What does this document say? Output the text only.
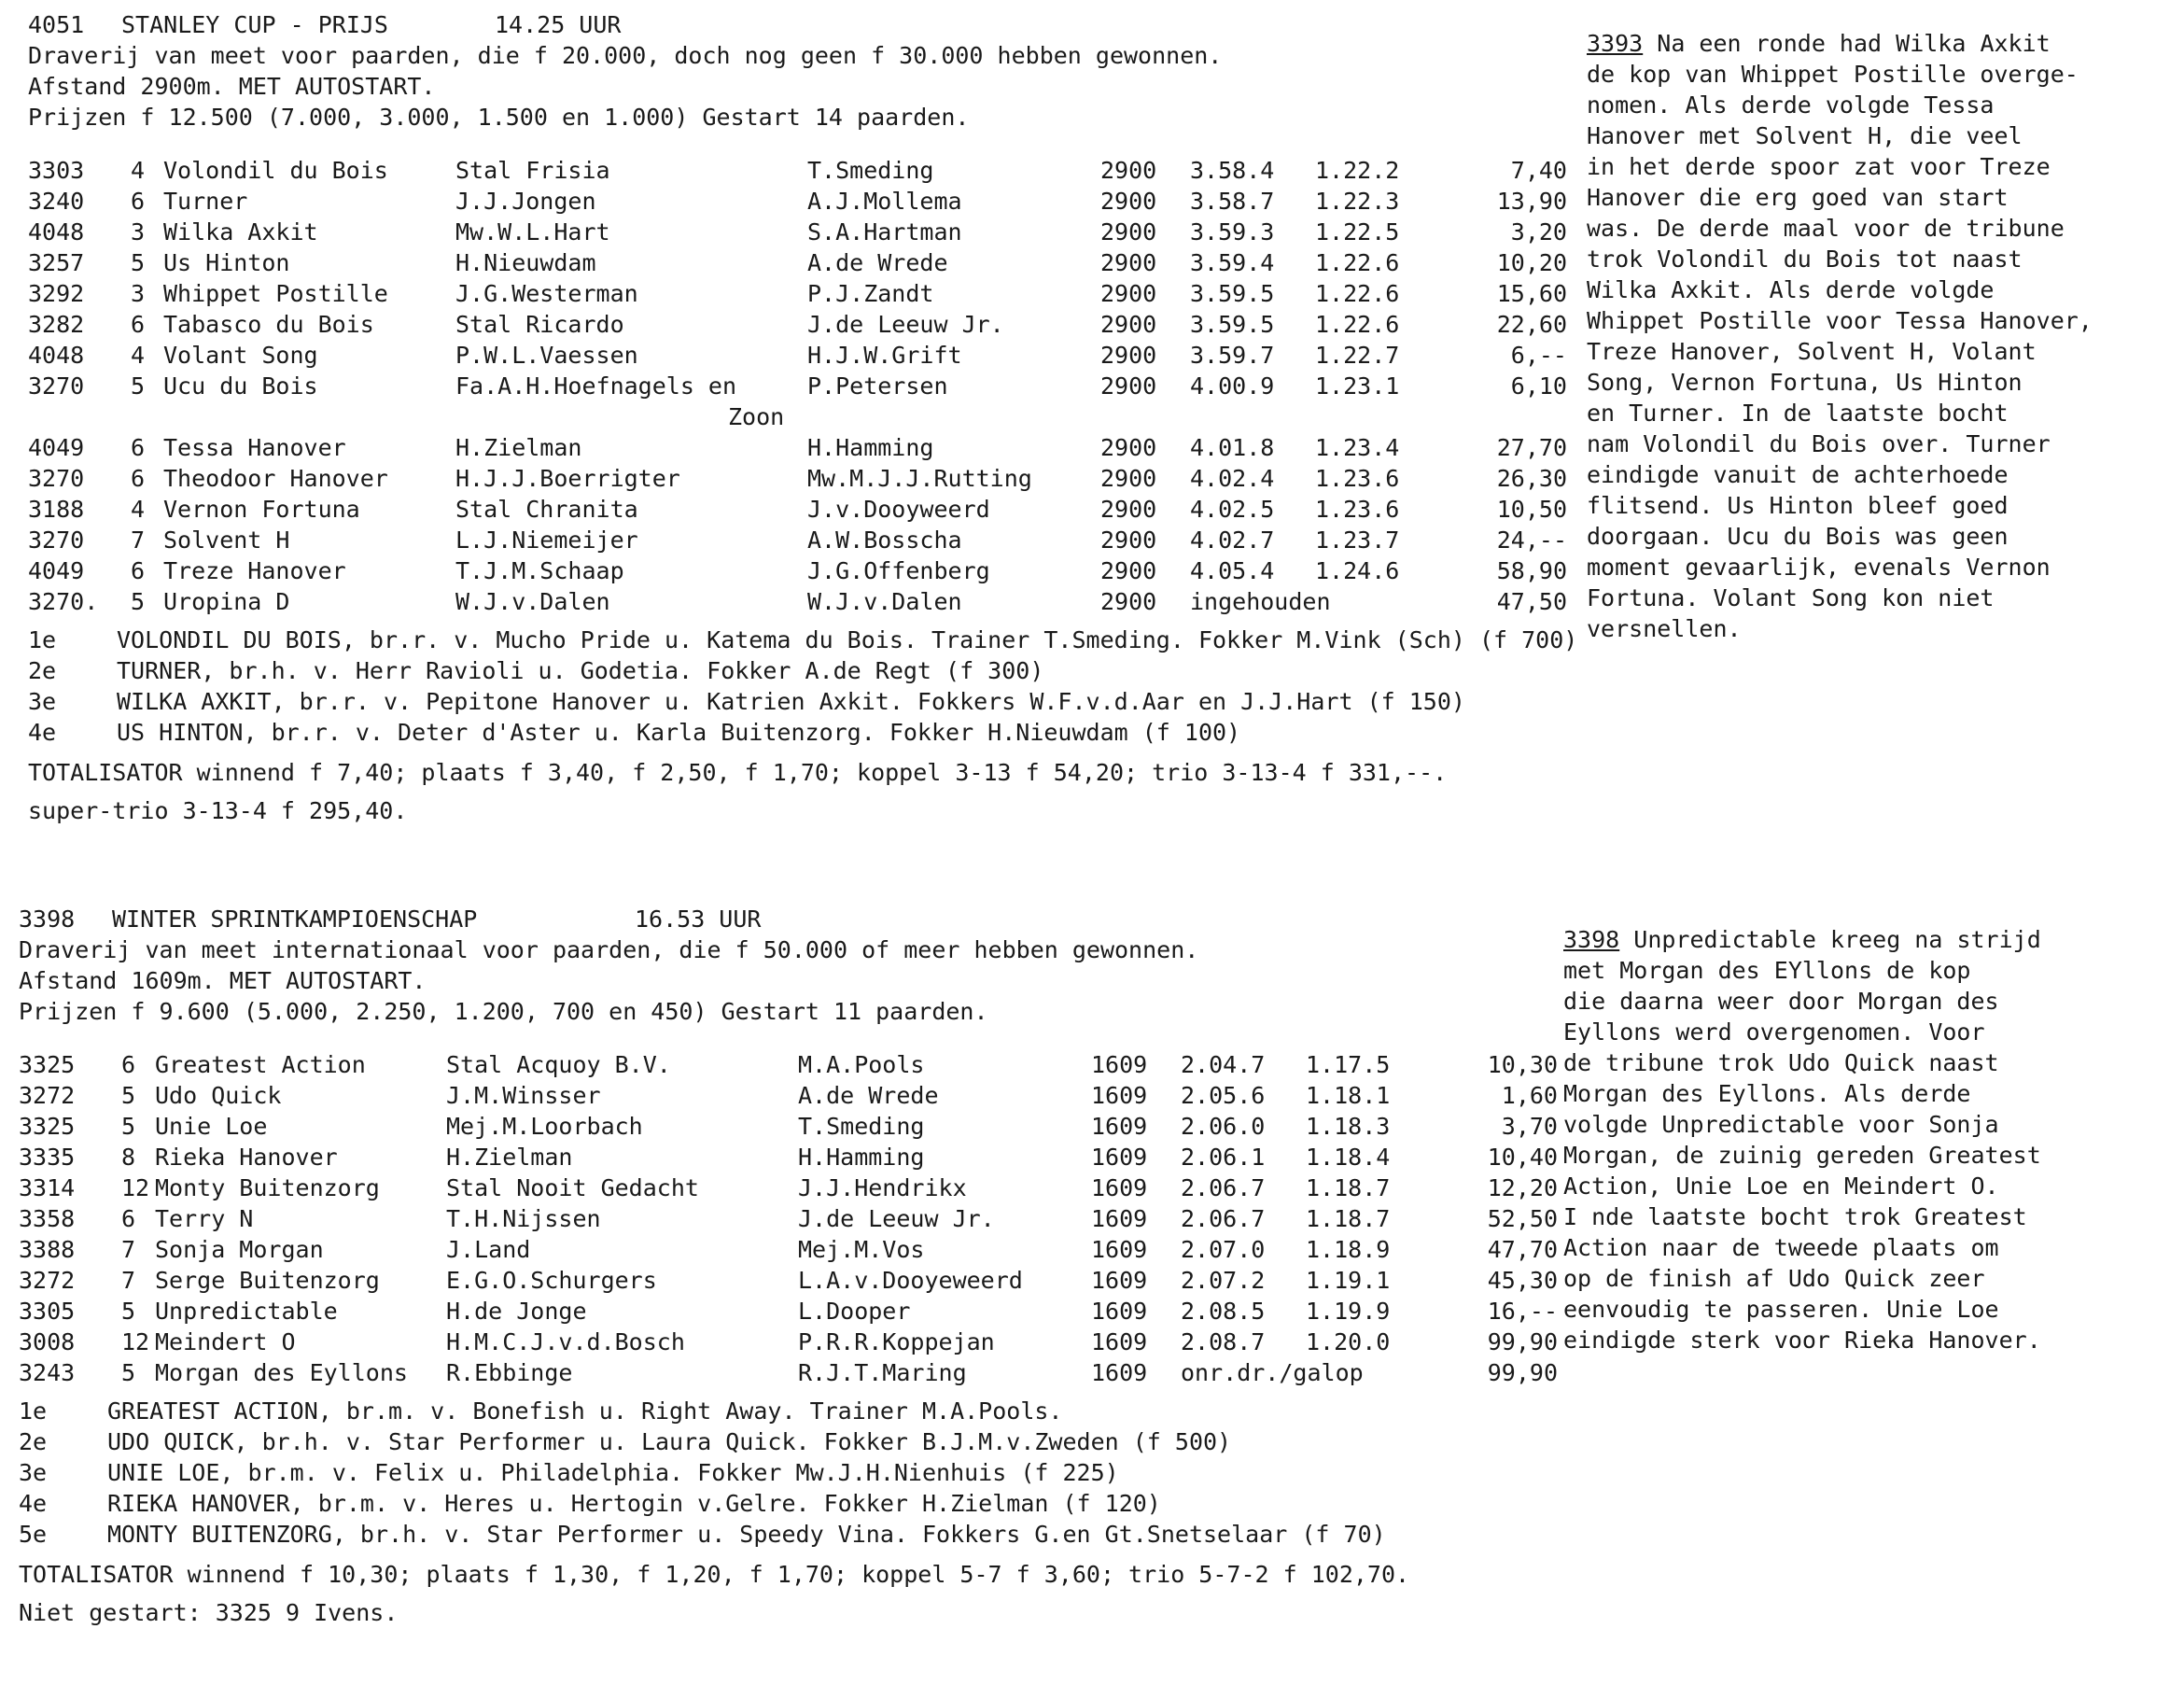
4051 STANLEY CUP - PRIJS	14.25 UUR
Draverij van meet voor paarden, die f 20.000, doch nog geen f 30.000 hebben gewonnen.
Afstand 2900m. MET AUTOSTART.
Prijzen f 12.500 (7.000, 3.000, 1.500 en 1.000) Gestart 14 paarden.
3303	4 Volondil du Bois	Stal Frisia	T.Smeding	2900	3.58.4	1.22.2	7,40
3240	6 Turner	J.J.Jongen	A.J.Mollema	2900	3.58.7	1.22.3	13,90
4048	3 Wilka Axkit	Mw.W.L.Hart	S.A.Hartman	2900	3.59.3	1.22.5	3,20
3257	5 Us Hinton	H.Nieuwdam	A.de Wrede	2900	3.59.4	1.22.6	10,20
3292	3 Whippet Postille	J.G.Westerman	P.J.Zandt	2900	3.59.5	1.22.6	15,60
3282	6 Tabasco du Bois	Stal Ricardo	J.de Leeuw Jr.	2900	3.59.5	1.22.6	22,60
4048	4 Volant Song	P.W.L.Vaessen	H.J.W.Grift	2900	3.59.7	1.22.7	6,--
3270	5 Ucu du Bois	Fa.A.H.Hoefnagels en	P.Petersen	2900	4.00.9	1.23.1	6,10
Zoon
4049	6 Tessa Hanover	H.Zielman	H.Hamming	2900	4.01.8	1.23.4	27,70
3270	6 Theodoor Hanover	H.J.J.Boerrigter	Mw.M.J.J.Rutting	2900	4.02.4	1.23.6	26,30
3188	4 Vernon Fortuna	Stal Chranita	J.v.Dooyweerd	2900	4.02.5	1.23.6	10,50
3270	7 Solvent H	L.J.Niemeijer	A.W.Bosscha	2900	4.02.7	1.23.7	24,--
4049	6 Treze Hanover	T.J.M.Schaap	J.G.Offenberg	2900	4.05.4	1.24.6	58,90
3270.	5 Uropina D	W.J.v.Dalen	W.J.v.Dalen	2900	ingehouden	47,50
1e	VOLONDIL DU BOIS, br.r. v. Mucho Pride u. Katema du Bois. Trainer T.Smeding. Fokker M.Vink (Sch) (f 700)
2e	TURNER, br.h. v. Herr Ravioli u. Godetia. Fokker A.de Regt (f 300)
3e	WILKA AXKIT, br.r. v. Pepitone Hanover u. Katrien Axkit. Fokkers W.F.v.d.Aar en J.J.Hart (f 150)
4e	US HINTON, br.r. v. Deter d'Aster u. Karla Buitenzorg. Fokker H.Nieuwdam (f 100)
TOTALISATOR winnend f 7,40; plaats f 3,40, f 2,50, f 1,70; koppel 3-13 f 54,20; trio 3-13-4 f 331,--.
super-trio 3-13-4 f 295,40.
3393 Na een ronde had Wilka Axkit
de kop van Whippet Postille overge-
nomen. Als derde volgde Tessa
Hanover met Solvent H, die veel
in het derde spoor zat voor Treze
Hanover die erg goed van start
was. De derde maal voor de tribune
trok Volondil du Bois tot naast
Wilka Axkit. Als derde volgde
Whippet Postille voor Tessa Hanover,
Treze Hanover, Solvent H, Volant
Song, Vernon Fortuna, Us Hinton
en Turner. In de laatste bocht
nam Volondil du Bois over. Turner
eindigde vanuit de achterhoede
flitsend. Us Hinton bleef goed
doorgaan. Ucu du Bois was geen
moment gevaarlijk, evenals Vernon
Fortuna. Volant Song kon niet
versnellen.
3398 WINTER SPRINTKAMPIOENSCHAP	16.53 UUR
Draverij van meet internationaal voor paarden, die f 50.000 of meer hebben gewonnen.
Afstand 1609m. MET AUTOSTART.
Prijzen f 9.600 (5.000, 2.250, 1.200, 700 en 450) Gestart 11 paarden.
3325	6 Greatest Action	Stal Acquoy B.V.	M.A.Pools	1609	2.04.7	1.17.5	10,30
3272	5 Udo Quick	J.M.Winsser	A.de Wrede	1609	2.05.6	1.18.1	1,60
3325	5 Unie Loe	Mej.M.Loorbach	T.Smeding	1609	2.06.0	1.18.3	3,70
3335	8 Rieka Hanover	H.Zielman	H.Hamming	1609	2.06.1	1.18.4	10,40
3314	12 Monty Buitenzorg	Stal Nooit Gedacht	J.J.Hendrikx	1609	2.06.7	1.18.7	12,20
3358	6 Terry N	T.H.Nijssen	J.de Leeuw Jr.	1609	2.06.7	1.18.7	52,50
3388	7 Sonja Morgan	J.Land	Mej.M.Vos	1609	2.07.0	1.18.9	47,70
3272	7 Serge Buitenzorg	E.G.O.Schurgers	L.A.v.Dooyeweerd	1609	2.07.2	1.19.1	45,30
3305	5 Unpredictable	H.de Jonge	L.Dooper	1609	2.08.5	1.19.9	16,--
3008	12 Meindert O	H.M.C.J.v.d.Bosch	P.R.R.Koppejan	1609	2.08.7	1.20.0	99,90
3243	5 Morgan des Eyllons	R.Ebbinge	R.J.T.Maring	1609	onr.dr./galop	99,90
1e	GREATEST ACTION, br.m. v. Bonefish u. Right Away. Trainer M.A.Pools.
2e	UDO QUICK, br.h. v. Star Performer u. Laura Quick. Fokker B.J.M.v.Zweden (f 500)
3e	UNIE LOE, br.m. v. Felix u. Philadelphia. Fokker Mw.J.H.Nienhuis (f 225)
4e	RIEKA HANOVER, br.m. v. Heres u. Hertogin v.Gelre. Fokker H.Zielman (f 120)
5e	MONTY BUITENZORG, br.h. v. Star Performer u. Speedy Vina. Fokkers G.en Gt.Snetselaar (f 70)
TOTALISATOR winnend f 10,30; plaats f 1,30, f 1,20, f 1,70; koppel 5-7 f 3,60; trio 5-7-2 f 102,70.
Niet gestart: 3325 9 Ivens.
3398 Unpredictable kreeg na strijd
met Morgan des EYllons de kop
die daarna weer door Morgan des
Eyllons werd overgenomen. Voor
de tribune trok Udo Quick naast
Morgan des Eyllons. Als derde
volgde Unpredictable voor Sonja
Morgan, de zuinig gereden Greatest
Action, Unie Loe en Meindert O.
I nde laatste bocht trok Greatest
Action naar de tweede plaats om
op de finish af Udo Quick zeer
eenvoudig te passeren. Unie Loe
eindigde sterk voor Rieka Hanover.
